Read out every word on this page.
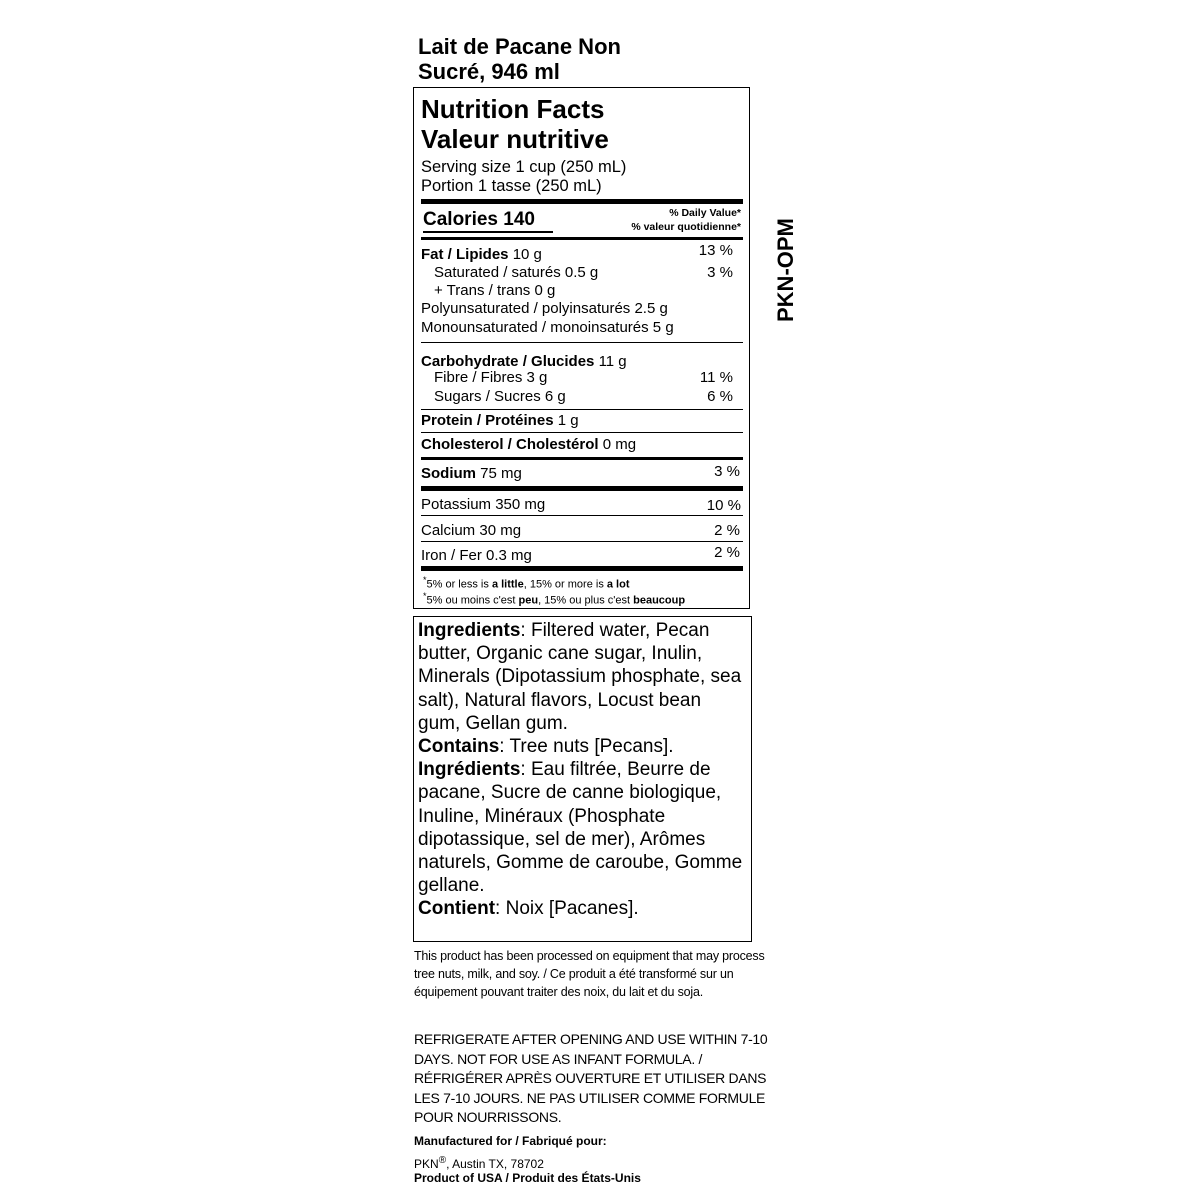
Lait de Pacane Non
Sucré, 946 ml
PKN-OPM
Nutrition Facts
Valeur nutritive
Serving size 1 cup (250 mL)
Portion 1 tasse (250 mL)
Calories 140	% Daily Value*
% valeur quotidienne*
Fat / Lipides 10 g	13 %
Saturated / saturés 0.5 g	3 %
+ Trans / trans 0 g
Polyunsaturated / polyinsaturés 2.5 g
Monounsaturated / monoinsaturés 5 g
Carbohydrate / Glucides 11 g
Fibre / Fibres 3 g	11 %
Sugars / Sucres 6 g	6 %
Protein / Protéines 1 g
Cholesterol / Cholestérol 0 mg
Sodium 75 mg	3 %
Potassium 350 mg	10 %
Calcium 30 mg	2 %
Iron / Fer 0.3 mg	2 %
*5% or less is a little, 15% or more is a lot
*5% ou moins c'est peu, 15% ou plus c'est beaucoup

Ingredients: Filtered water, Pecan butter, Organic cane sugar, Inulin, Minerals (Dipotassium phosphate, sea salt), Natural flavors, Locust bean gum, Gellan gum.

Contains: Tree nuts [Pecans].

Ingrédients: Eau filtrée, Beurre de pacane, Sucre de canne biologique, Inuline, Minéraux (Phosphate dipotassique, sel de mer), Arômes naturels, Gomme de caroube, Gomme gellane.

Contient: Noix [Pacanes].

This product has been processed on equipment that may process tree nuts, milk, and soy. / Ce produit a été transformé sur un équipement pouvant traiter des noix, du lait et du soja.
REFRIGERATE AFTER OPENING AND USE WITHIN 7-10 DAYS. NOT FOR USE AS INFANT FORMULA. / RÉFRIGÉRER APRÈS OUVERTURE ET UTILISER DANS LES 7-10 JOURS. NE PAS UTILISER COMME FORMULE POUR NOURRISSONS.
Manufactured for / Fabriqué pour:
PKN®, Austin TX, 78702
Product of USA / Produit des États-Unis
